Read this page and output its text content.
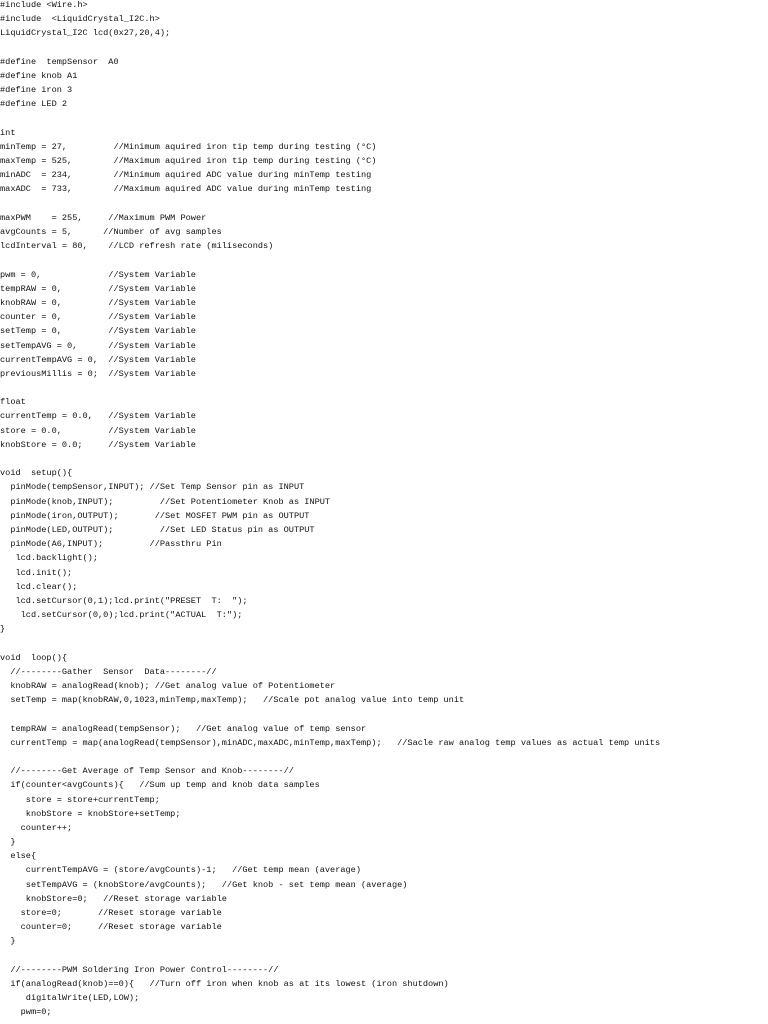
#include <Wire.h>
#include  <LiquidCrystal_I2C.h>
LiquidCrystal_I2C lcd(0x27,20,4);
#define  tempSensor  A0
#define knob A1
#define iron 3
#define LED 2
int
minTemp = 27,         //Minimum aquired iron tip temp during testing (°C)
maxTemp = 525,        //Maximum aquired iron tip temp during testing (°C)
minADC  = 234,        //Minimum aquired ADC value during minTemp testing
maxADC  = 733,        //Maximum aquired ADC value during minTemp testing
maxPWM    = 255,     //Maximum PWM Power
avgCounts = 5,      //Number of avg samples
lcdInterval = 80,    //LCD refresh rate (miliseconds)
pwm = 0,             //System Variable
tempRAW = 0,         //System Variable
knobRAW = 0,         //System Variable
counter = 0,         //System Variable
setTemp = 0,         //System Variable
setTempAVG = 0,      //System Variable
currentTempAVG = 0,  //System Variable
previousMillis = 0;  //System Variable
float
currentTemp = 0.0,   //System Variable
store = 0.0,         //System Variable
knobStore = 0.0;     //System Variable
void  setup(){
pinMode(tempSensor,INPUT); //Set Temp Sensor pin as INPUT
pinMode(knob,INPUT);         //Set Potentiometer Knob as INPUT
pinMode(iron,OUTPUT);       //Set MOSFET PWM pin as OUTPUT
pinMode(LED,OUTPUT);         //Set LED Status pin as OUTPUT
pinMode(A6,INPUT);         //Passthru Pin
lcd.backlight();
lcd.init();
lcd.clear();
lcd.setCursor(0,1);lcd.print("PRESET  T:  ");
lcd.setCursor(0,0);lcd.print("ACTUAL  T:");
}
void  loop(){
//--------Gather  Sensor  Data--------//
knobRAW = analogRead(knob); //Get analog value of Potentiometer
setTemp = map(knobRAW,0,1023,minTemp,maxTemp);   //Scale pot analog value into temp unit
tempRAW = analogRead(tempSensor);   //Get analog value of temp sensor
currentTemp = map(analogRead(tempSensor),minADC,maxADC,minTemp,maxTemp);   //Sacle raw analog temp values as actual temp units
//--------Get Average of Temp Sensor and Knob--------//
if(counter<avgCounts){   //Sum up temp and knob data samples
store = store+currentTemp;
knobStore = knobStore+setTemp;
counter++;
}
else{
currentTempAVG = (store/avgCounts)-1;   //Get temp mean (average)
setTempAVG = (knobStore/avgCounts);   //Get knob - set temp mean (average)
knobStore=0;   //Reset storage variable
store=0;       //Reset storage variable
counter=0;     //Reset storage variable
}
//--------PWM Soldering Iron Power Control--------//
if(analogRead(knob)==0){   //Turn off iron when knob as at its lowest (iron shutdown)
digitalWrite(LED,LOW);
pwm=0;
